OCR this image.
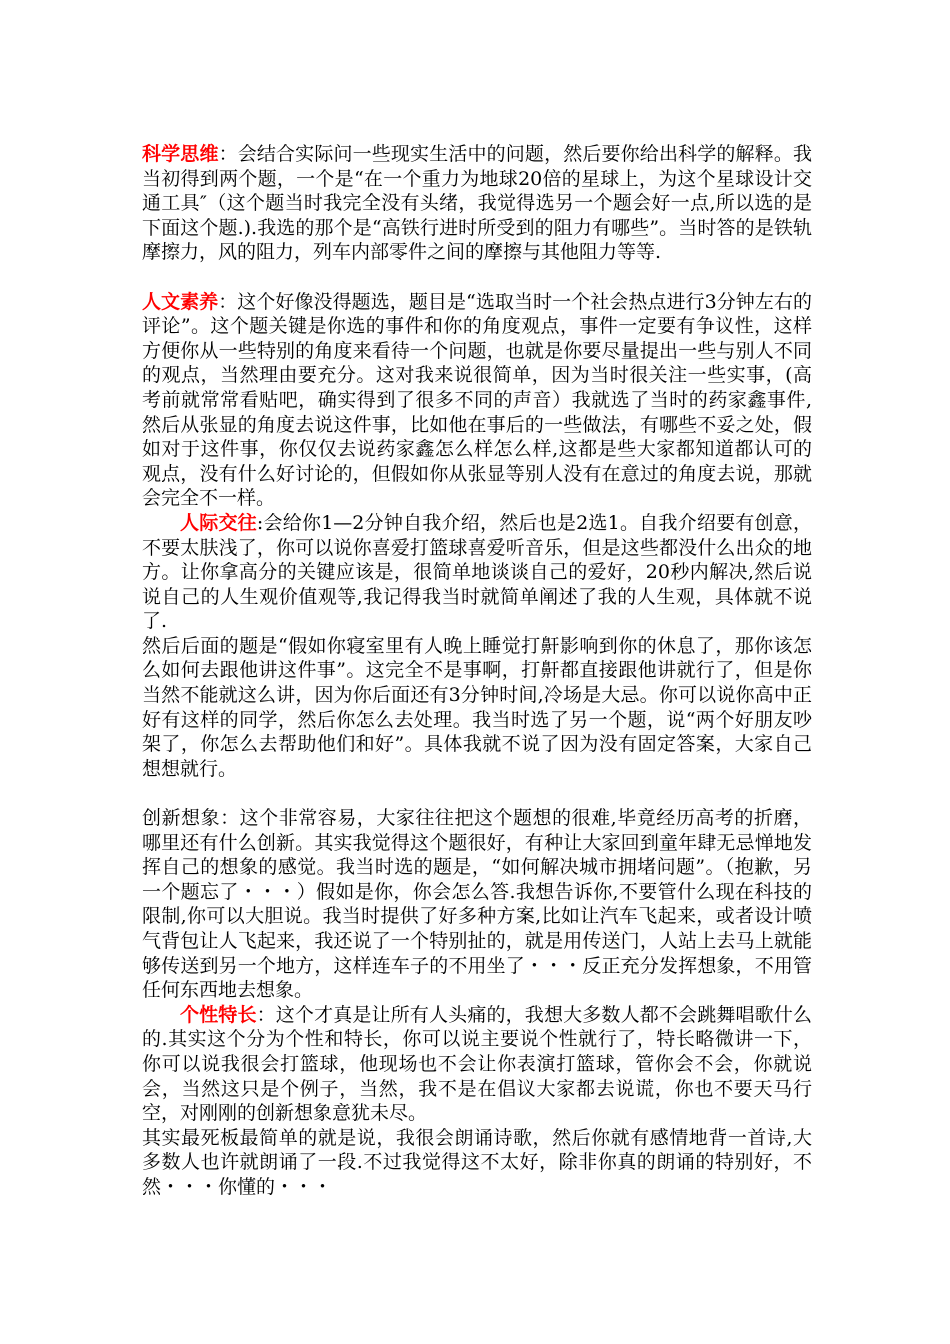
科学思维：会结合实际问一些现实生活中的问题，然后要你给出科学的解释。我当初得到两个题，一个是“在一个重力为地球20倍的星球上，为这个星球设计交通工具″（这个题当时我完全没有头绪，我觉得选另一个题会好一点,所以选的是下面这个题.).我选的那个是“高铁行进时所受到的阻力有哪些”。当时答的是铁轨摩擦力，风的阻力，列车内部零件之间的摩擦与其他阻力等等.

人文素养：这个好像没得题选，题目是“选取当时一个社会热点进行3分钟左右的评论”。这个题关键是你选的事件和你的角度观点，事件一定要有争议性，这样方便你从一些特别的角度来看待一个问题，也就是你要尽量提出一些与别人不同的观点，当然理由要充分。这对我来说很简单，因为当时很关注一些实事，(高考前就常常看贴吧，确实得到了很多不同的声音）我就选了当时的药家鑫事件,然后从张显的角度去说这件事，比如他在事后的一些做法，有哪些不妥之处，假如对于这件事，你仅仅去说药家鑫怎么样怎么样,这都是些大家都知道都认可的观点，没有什么好讨论的，但假如你从张显等别人没有在意过的角度去说，那就会完全不一样。

人际交往:会给你1—2分钟自我介绍，然后也是2选1。自我介绍要有创意，不要太肤浅了，你可以说你喜爱打篮球喜爱听音乐，但是这些都没什么出众的地方。让你拿高分的关键应该是，很简单地谈谈自己的爱好，20秒内解决,然后说说自己的人生观价值观等,我记得我当时就简单阐述了我的人生观，具体就不说了.

然后后面的题是“假如你寝室里有人晚上睡觉打鼾影响到你的休息了，那你该怎么如何去跟他讲这件事”。这完全不是事啊，打鼾都直接跟他讲就行了，但是你当然不能就这么讲，因为你后面还有3分钟时间,冷场是大忌。你可以说你高中正好有这样的同学，然后你怎么去处理。我当时选了另一个题，说“两个好朋友吵架了，你怎么去帮助他们和好”。具体我就不说了因为没有固定答案，大家自己想想就行。

创新想象：这个非常容易，大家往往把这个题想的很难,毕竟经历高考的折磨，哪里还有什么创新。其实我觉得这个题很好，有种让大家回到童年肆无忌惮地发挥自己的想象的感觉。我当时选的题是，“如何解决城市拥堵问题”。（抱歉，另一个题忘了・・・）假如是你，你会怎么答.我想告诉你,不要管什么现在科技的限制,你可以大胆说。我当时提供了好多种方案,比如让汽车飞起来，或者设计喷气背包让人飞起来，我还说了一个特别扯的，就是用传送门，人站上去马上就能够传送到另一个地方，这样连车子的不用坐了・・・反正充分发挥想象，不用管任何东西地去想象。

个性特长：这个才真是让所有人头痛的，我想大多数人都不会跳舞唱歌什么的.其实这个分为个性和特长，你可以说主要说个性就行了，特长略微讲一下，你可以说我很会打篮球，他现场也不会让你表演打篮球，管你会不会，你就说会，当然这只是个例子，当然，我不是在倡议大家都去说谎，你也不要天马行空，对刚刚的创新想象意犹未尽。

其实最死板最简单的就是说，我很会朗诵诗歌，然后你就有感情地背一首诗,大多数人也许就朗诵了一段.不过我觉得这不太好，除非你真的朗诵的特别好，不然・・・你懂的・・・
